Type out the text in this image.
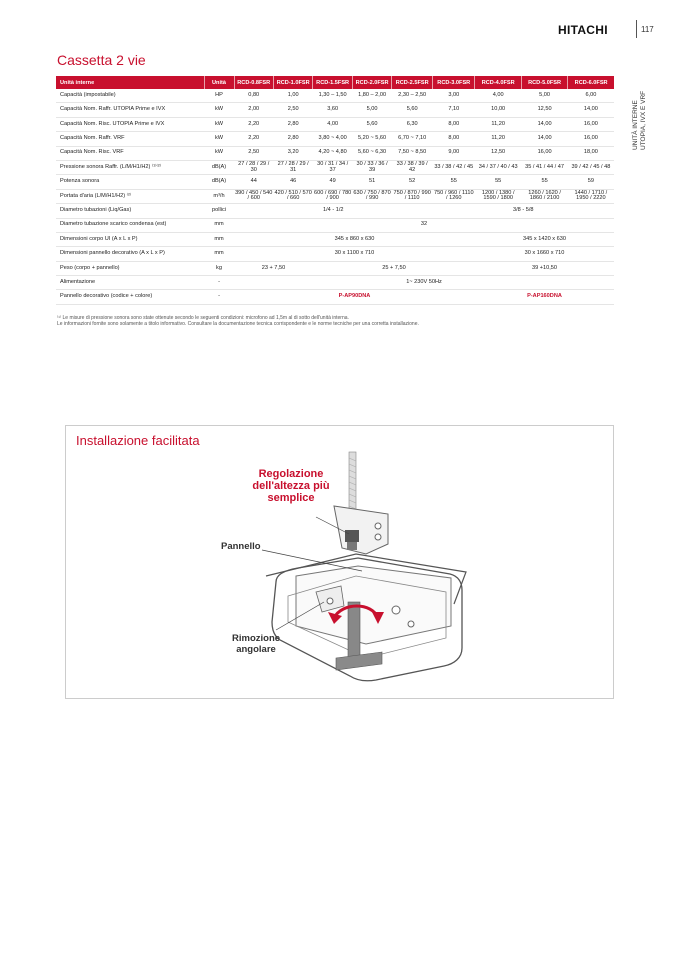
HITACHI	117
UNITÀ INTERNE UTOPIA, IVX E VRF
Cassetta 2 vie
Unità interne	Unità	RCD-0.8FSR	RCD-1.0FSR	RCD-1.5FSR	RCD-2.0FSR	RCD-2.5FSR	RCD-3.0FSR	RCD-4.0FSR	RCD-5.0FSR	RCD-6.0FSR
Capacità (impostabile)	HP	0,80	1,00	1,30 – 1,50	1,80 – 2,00	2,30 – 2,50	3,00	4,00	5,00	6,00
Capacità Nom. Raffr. UTOPIA Prime e IVX	kW	2,00	2,50	3,60	5,00	5,60	7,10	10,00	12,50	14,00
Capacità Nom. Risc. UTOPIA Prime e IVX	kW	2,20	2,80	4,00	5,60	6,30	8,00	11,20	14,00	16,00
Capacità Nom. Raffr. VRF	kW	2,20	2,80	3,80 ~ 4,00	5,20 ~ 5,60	6,70 ~ 7,10	8,00	11,20	14,00	16,00
Capacità Nom. Risc. VRF	kW	2,50	3,20	4,20 ~ 4,80	5,60 ~ 6,30	7,50 ~ 8,50	9,00	12,50	16,00	18,00
Pressione sonora Raffr. (L/M/H1/H2) ⁽¹⁾⁽²⁾	dB(A)	27 / 28 / 29 / 30	27 / 28 / 29 / 31	30 / 31 / 34 / 37	30 / 33 / 36 / 39	33 / 38 / 39 / 42	33 / 38 / 42 / 45	34 / 37 / 40 / 43	35 / 41 / 44 / 47	39 / 42 / 45 / 48
Potenza sonora	dB(A)	44	46	49	51	52	55	55	55	59
Portata d'aria (L/M/H1/H2) ⁽²⁾	m³/h	390 / 450 / 540 / 600	420 / 510 / 570 / 660	600 / 690 / 780 / 900	630 / 750 / 870 / 990	750 / 870 / 990 / 1110	750 / 960 / 1110 / 1260	1200 / 1380 / 1590 / 1800	1260 / 1620 / 1860 / 2100	1440 / 1710 / 1950 / 2220
Diametro tubazioni (Liq/Gas)	pollici	1/4 - 1/2					3/8 - 5/8			
Diametro tubazione scarico condensa (est)	mm	32								
Dimensioni corpo UI (A x L x P)	mm	345 x 860 x 630						345 x 1420 x 630		
Dimensioni pannello decorativo (A x L x P)	mm	30 x 1100 x 710						30 x 1660 x 710		
Peso (corpo + pannello)	kg	23 + 7,50		25 + 7,50				39 +10,50		
Alimentazione	-	1~ 230V 50Hz								
Pannello decorativo (codice + colore)	-	P-AP90DNA						P-AP160DNA		
⁽¹⁾ Le misure di pressione sonora sono state ottenute secondo le seguenti condizioni: microfono ad 1,5m al di sotto dell'unità interna.
Le informazioni fornite sono solamente a titolo informativo. Consultare la documentazione tecnica corrispondente e le norme tecniche per una corretta installazione.
Installazione facilitata
Regolazione
dell'altezza più
semplice
Pannello
Rimozione
angolare
